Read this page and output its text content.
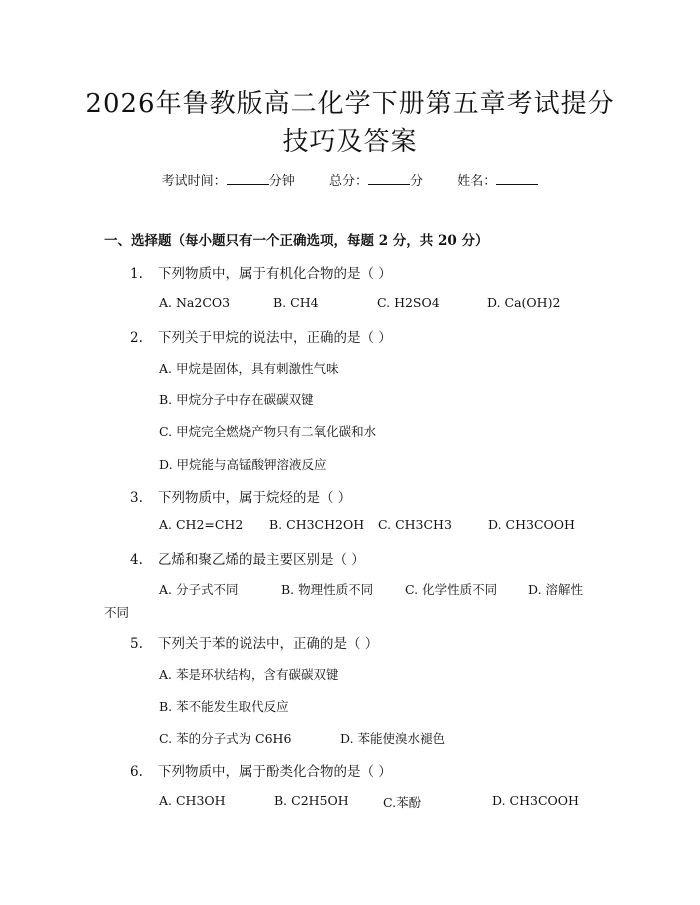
2026年鲁教版高二化学下册第五章考试提分
技巧及答案
考试时间：	分钟	总分：	分	姓名：
一、选择题（每小题只有一个正确选项，每题 2 分，共 20 分）
1. 下列物质中，属于有机化合物的是（ ）
A. Na2CO3	B. CH4	C. H2SO4	D. Ca(OH)2
2. 下列关于甲烷的说法中，正确的是（ ）
A. 甲烷是固体，具有刺激性气味
B. 甲烷分子中存在碳碳双键
C. 甲烷完全燃烧产物只有二氧化碳和水
D. 甲烷能与高锰酸钾溶液反应
3. 下列物质中，属于烷烃的是（ ）
A. CH2=CH2 B. CH3CH2OH C. CH3CH3	D. CH3COOH
4. 乙烯和聚乙烯的最主要区别是（ ）
A. 分子式不同	B. 物理性质不同	C. 化学性质不同 D. 溶解性
不同
5. 下列关于苯的说法中，正确的是（ ）
A. 苯是环状结构，含有碳碳双键
B. 苯不能发生取代反应
C. 苯的分子式为 C6H6	D. 苯能使溴水褪色
6. 下列物质中，属于酚类化合物的是（ ）
A. CH3OH	B. C2H5OH	C.苯酚	D. CH3COOH
